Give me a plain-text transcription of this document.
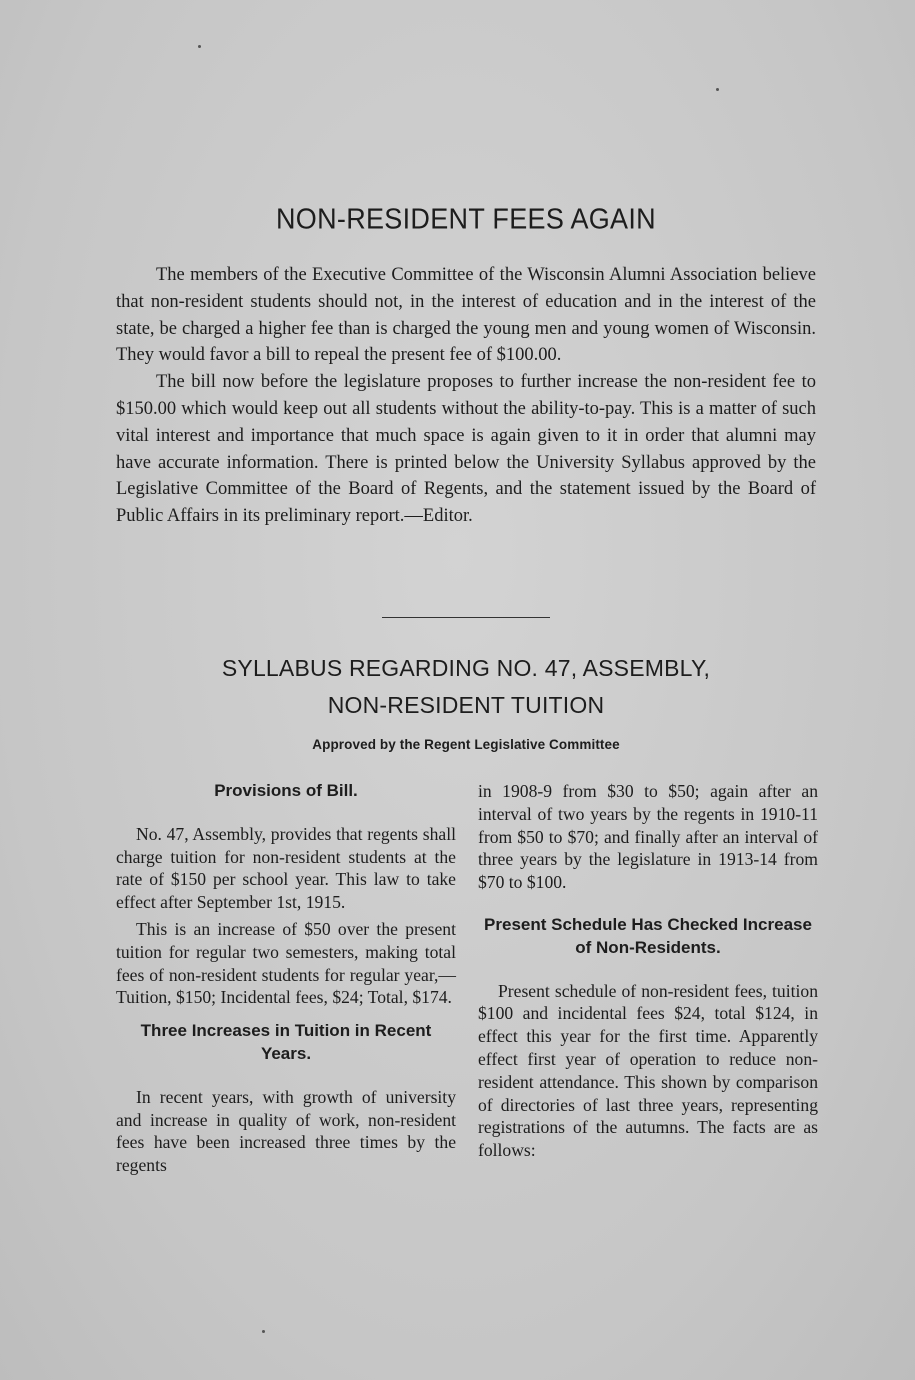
NON-RESIDENT FEES AGAIN

The members of the Executive Committee of the Wisconsin Alumni Association believe that non-resident students should not, in the interest of education and in the interest of the state, be charged a higher fee than is charged the young men and young women of Wisconsin. They would favor a bill to repeal the present fee of $100.00.

The bill now before the legislature proposes to further increase the non-resident fee to $150.00 which would keep out all students without the ability-to-pay. This is a matter of such vital interest and importance that much space is again given to it in order that alumni may have accurate information. There is printed below the University Syllabus approved by the Legislative Committee of the Board of Regents, and the statement issued by the Board of Public Affairs in its preliminary report.—Editor.

SYLLABUS REGARDING NO. 47, ASSEMBLY,
NON-RESIDENT TUITION
Approved by the Regent Legislative Committee
Provisions of Bill.

No. 47, Assembly, provides that regents shall charge tuition for non-resident students at the rate of $150 per school year. This law to take effect after September 1st, 1915.

This is an increase of $50 over the present tuition for regular two semesters, making total fees of non-resident students for regular year,—Tuition, $150; Incidental fees, $24; Total, $174.

Three Increases in Tuition in Recent Years.

In recent years, with growth of university and increase in quality of work, non-resident fees have been increased three times by the regents

in 1908-9 from $30 to $50; again after an interval of two years by the regents in 1910-11 from $50 to $70; and finally after an interval of three years by the legislature in 1913-14 from $70 to $100.

Present Schedule Has Checked Increase of Non-Residents.

Present schedule of non-resident fees, tuition $100 and incidental fees $24, total $124, in effect this year for the first time. Apparently effect first year of operation to reduce non-resident attendance. This shown by comparison of directories of last three years, representing registrations of the autumns. The facts are as follows:
